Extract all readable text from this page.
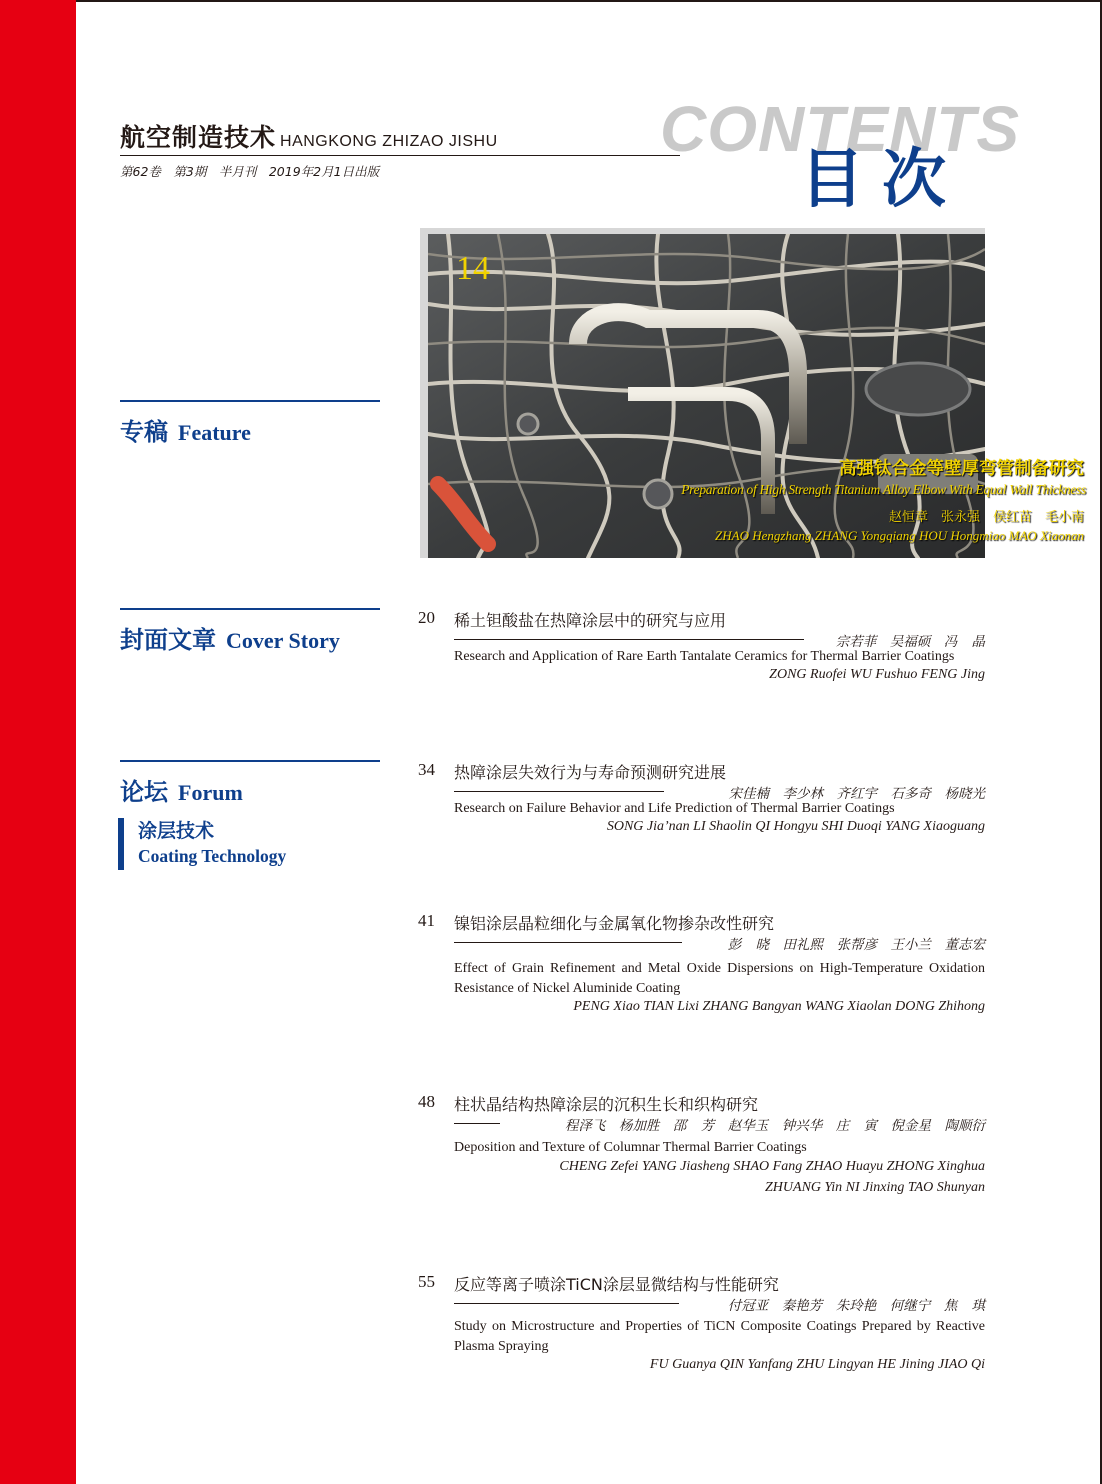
航空制造技术 HANGKONG ZHIZAO JISHU
第62卷　第3期　半月刊　2019年2月1日出版
CONTENTS
目次
专稿 Feature
封面文章 Cover Story
论坛 Forum
涂层技术
Coating Technology
14
高强钛合金等壁厚弯管制备研究
Preparation of High Strength Titanium Alloy Elbow With Equal Wall Thickness
赵恒章　张永强　侯红苗　毛小南
ZHAO Hengzhang ZHANG Yongqiang HOU Hongmiao MAO Xiaonan
20 稀土钽酸盐在热障涂层中的研究与应用
宗若菲　吴福硕　冯 晶
Research and Application of Rare Earth Tantalate Ceramics for Thermal Barrier Coatings
ZONG Ruofei WU Fushuo FENG Jing
34 热障涂层失效行为与寿命预测研究进展
宋佳楠　李少林　齐红宇　石多奇　杨晓光
Research on Failure Behavior and Life Prediction of Thermal Barrier Coatings
SONG Jia’nan LI Shaolin QI Hongyu SHI Duoqi YANG Xiaoguang
41 镍铝涂层晶粒细化与金属氧化物掺杂改性研究
彭 晓　田礼熙　张帮彦　王小兰　董志宏
Effect of Grain Refinement and Metal Oxide Dispersions on High-Temperature Oxidation Resistance of Nickel Aluminide Coating
PENG Xiao TIAN Lixi ZHANG Bangyan WANG Xiaolan DONG Zhihong
48 柱状晶结构热障涂层的沉积生长和织构研究
程泽飞　杨加胜　邵 芳　赵华玉　钟兴华　庄 寅　倪金星　陶顺衍
Deposition and Texture of Columnar Thermal Barrier Coatings
CHENG Zefei YANG Jiasheng SHAO Fang ZHAO Huayu ZHONG Xinghua
ZHUANG Yin NI Jinxing TAO Shunyan
55 反应等离子喷涂TiCN涂层显微结构与性能研究
付冠亚　秦艳芳　朱玲艳　何继宁　焦 琪
Study on Microstructure and Properties of TiCN Composite Coatings Prepared by Reactive Plasma Spraying
FU Guanya QIN Yanfang ZHU Lingyan HE Jining JIAO Qi
